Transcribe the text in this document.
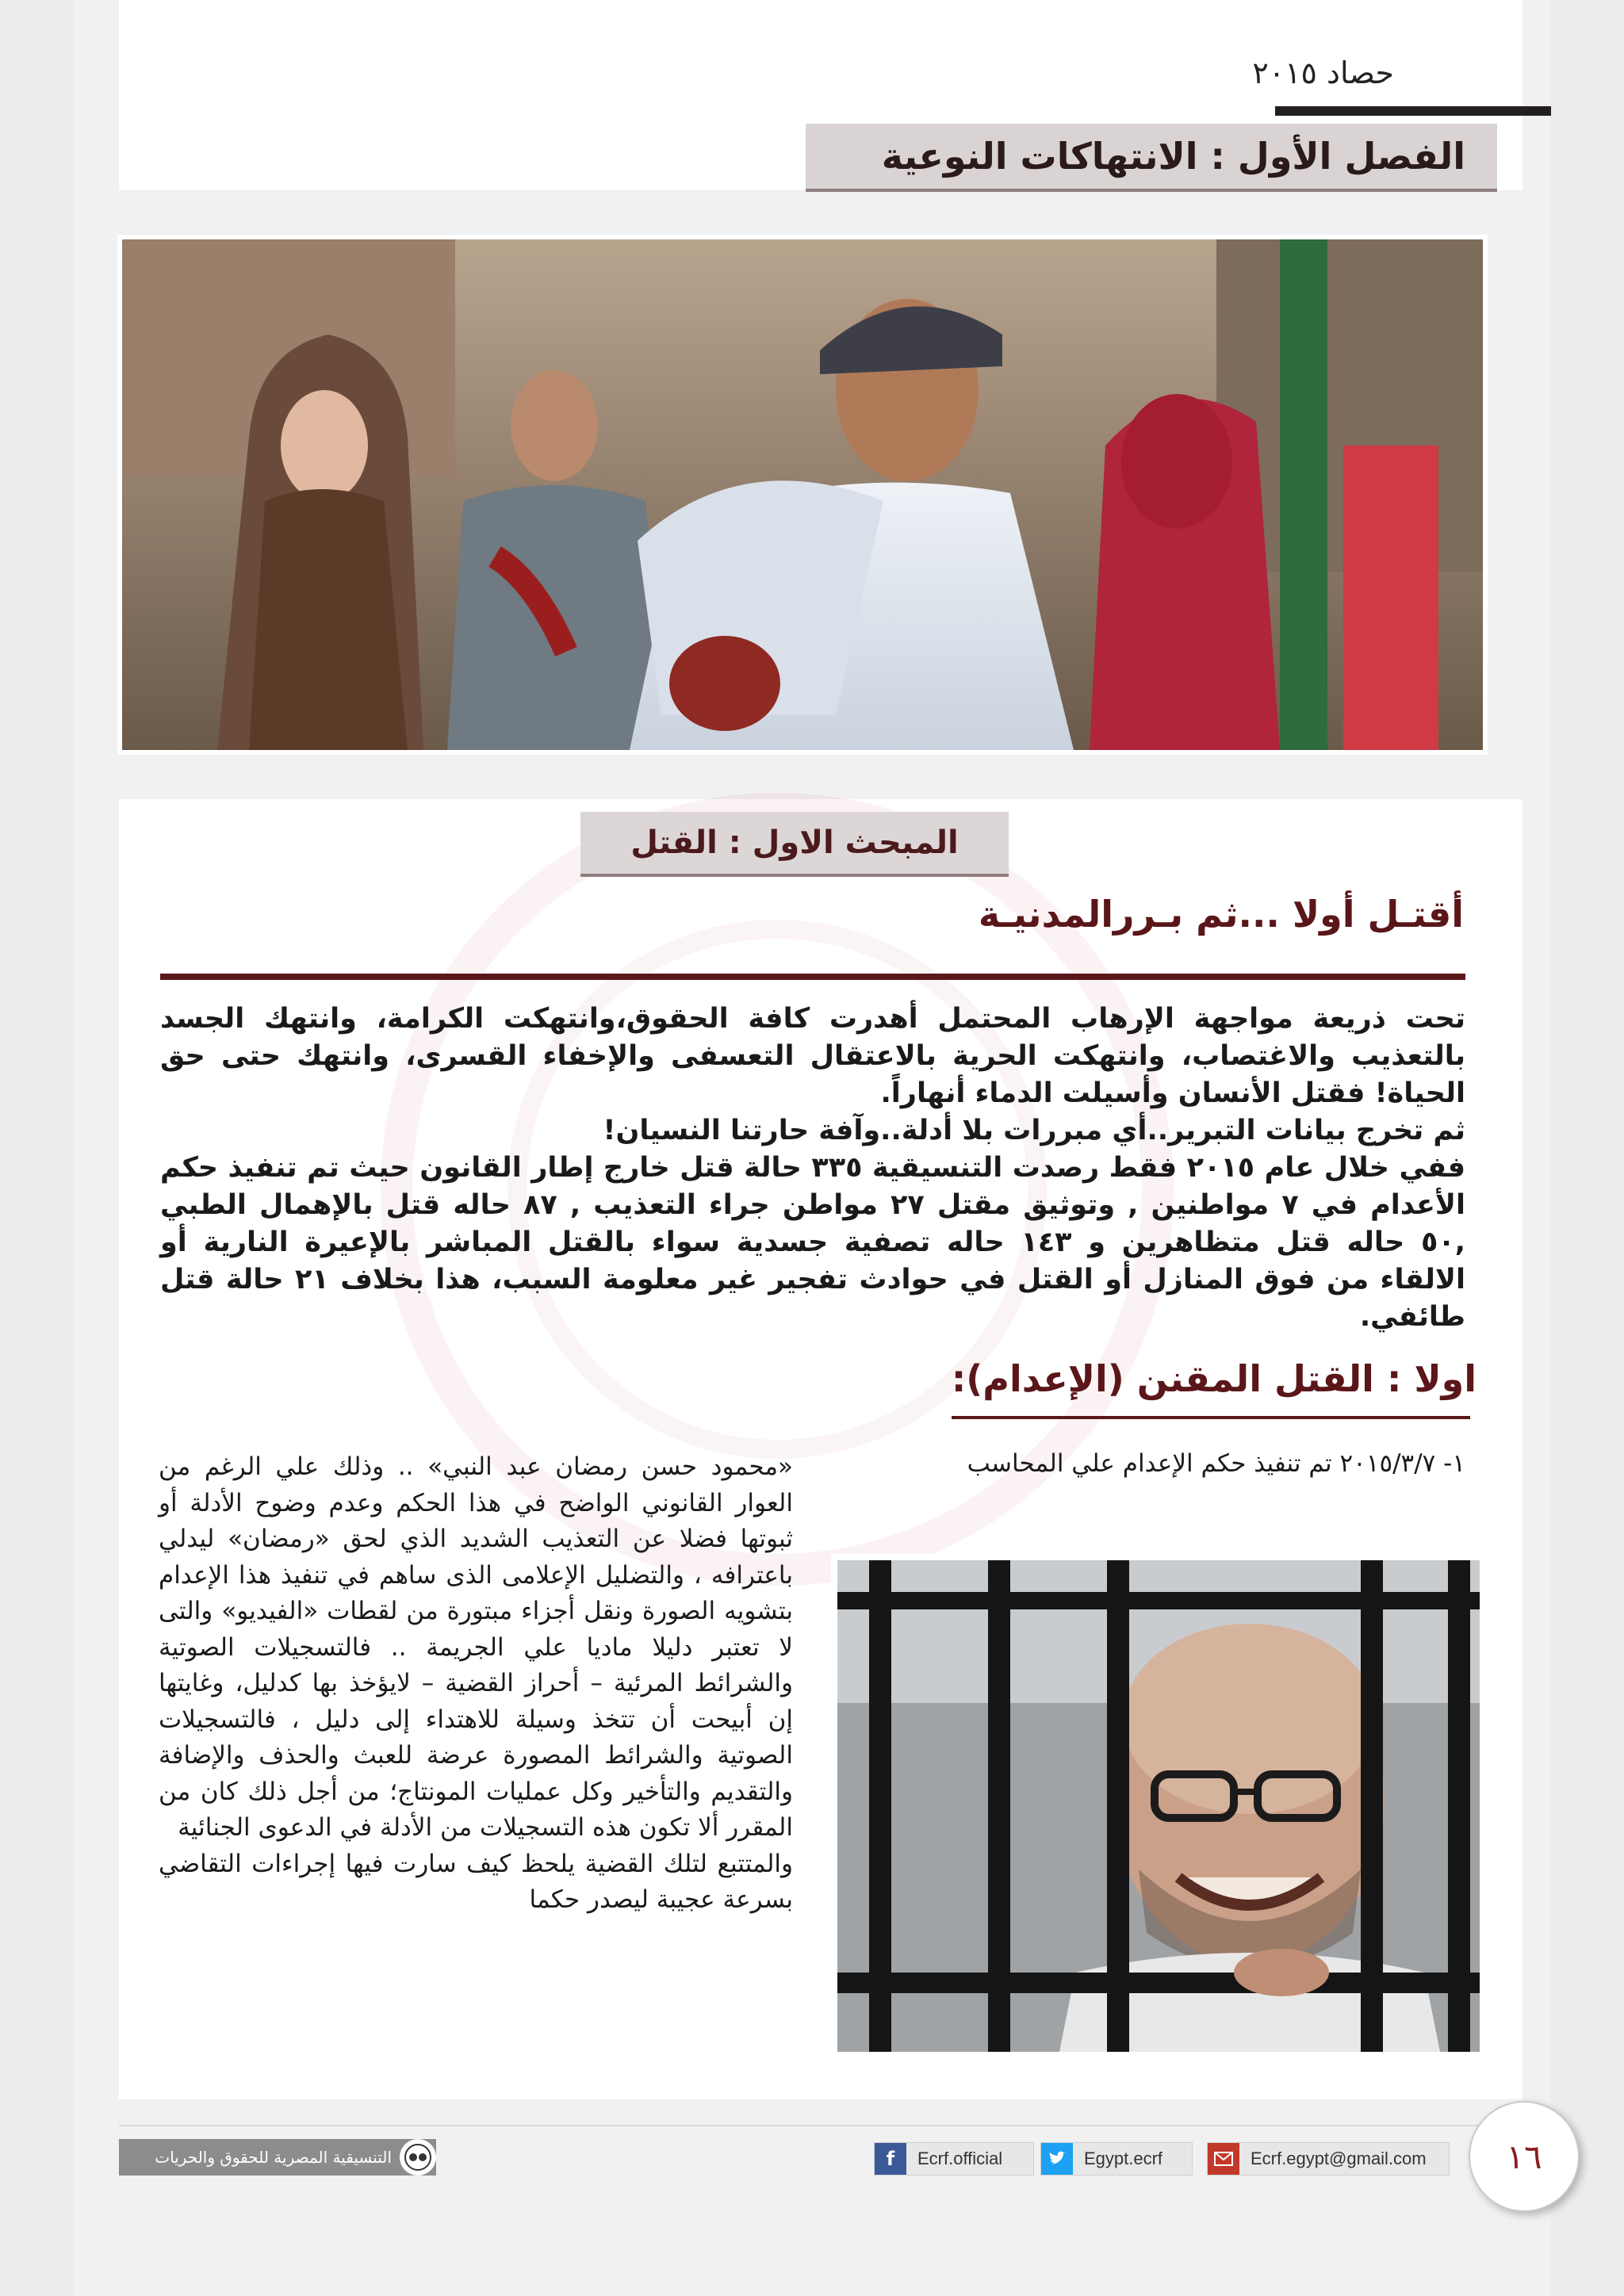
حصاد ٢٠١٥
الفصل الأول : الانتهاكات النوعية
المبحث الاول : القتل
أقتـل أولا ...ثم بـررالمدنيـة

تحت ذريعة مواجهة الإرهاب المحتمل أهدرت كافة الحقوق،وانتهكت الكرامة، وانتهك الجسد بالتعذيب والاغتصاب، وانتهكت الحرية بالاعتقال التعسفى والإخفاء القسرى، وانتهك حتى حق الحياة! فقتل الأنسان وأسيلت الدماء أنهاراً.

ثم تخرج بيانات التبرير..أي مبررات بلا أدلة..وآفة حارتنا النسيان!

ففي خلال عام ٢٠١٥ فقط رصدت التنسيقية ٣٣٥ حالة قتل خارج إطار القانون حيث تم تنفيذ حكم الأعدام في ٧ مواطنين , وتوثيق مقتل ٢٧ مواطن جراء التعذيب , ٨٧ حاله قتل بالإهمال الطبي ,٥٠ حاله قتل متظاهرين و ١٤٣ حاله تصفية جسدية سواء بالقتل المباشر بالإعيرة النارية أو الالقاء من فوق المنازل أو القتل في حوادث تفجير غير معلومة السبب، هذا بخلاف ٢١ حالة قتل طائفي.

اولا : القتل المقنن (الإعدام):
١- ٢٠١٥/٣/٧ تم تنفيذ حكم الإعدام علي المحاسب

«محمود حسن رمضان عبد النبي» .. وذلك علي الرغم من العوار القانوني الواضح في هذا الحكم وعدم وضوح الأدلة أو ثبوتها فضلا عن التعذيب الشديد الذي لحق «رمضان» ليدلي باعترافه ، والتضليل الإعلامى الذى ساهم في تنفيذ هذا الإعدام بتشويه الصورة ونقل أجزاء مبتورة من لقطات «الفيديو» والتى لا تعتبر دليلا ماديا علي الجريمة .. فالتسجيلات الصوتية والشرائط المرئية – أحراز القضية – لايؤخذ بها كدليل، وغايتها إن أبيحت أن تتخذ وسيلة للاهتداء إلى دليل ، فالتسجيلات الصوتية والشرائط المصورة عرضة للعبث والحذف والإضافة والتقديم والتأخير وكل عمليات المونتاج؛ من أجل ذلك كان من المقرر ألا تكون هذه التسجيلات من الأدلة في الدعوى الجنائية

والمتتبع لتلك القضية يلحظ كيف سارت فيها إجراءات التقاضي بسرعة عجيبة ليصدر حكما

التنسيقية المصرية للحقوق والحريات	f	Ecrf.official	Egypt.ecrf	Ecrf.egypt@gmail.com	١٦
